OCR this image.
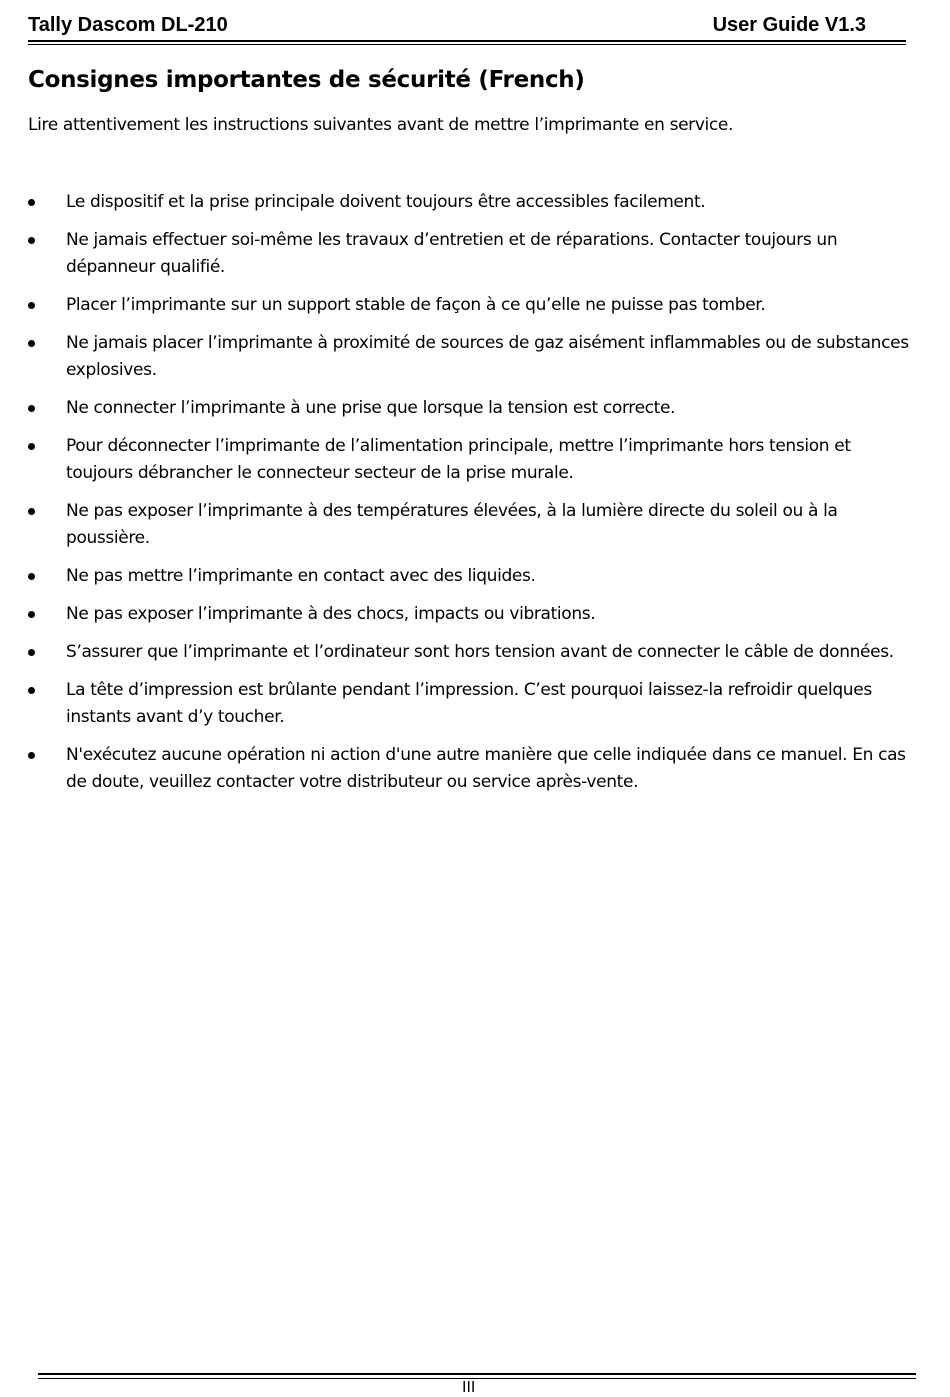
Tally Dascom DL-210	User Guide V1.3
Consignes importantes de sécurité (French)
Lire attentivement les instructions suivantes avant de mettre l’imprimante en service.
Le dispositif et la prise principale doivent toujours être accessibles facilement.
Ne jamais effectuer soi-même les travaux d’entretien et de réparations. Contacter toujours un dépanneur qualifié.
Placer l’imprimante sur un support stable de façon à ce qu’elle ne puisse pas tomber.
Ne jamais placer l’imprimante à proximité de sources de gaz aisément inflammables ou de substances explosives.
Ne connecter l’imprimante à une prise que lorsque la tension est correcte.
Pour déconnecter l’imprimante de l’alimentation principale, mettre l’imprimante hors tension et toujours débrancher le connecteur secteur de la prise murale.
Ne pas exposer l’imprimante à des températures élevées, à la lumière directe du soleil ou à la poussière.
Ne pas mettre l’imprimante en contact avec des liquides.
Ne pas exposer l’imprimante à des chocs, impacts ou vibrations.
S’assurer que l’imprimante et l’ordinateur sont hors tension avant de connecter le câble de données.
La tête d’impression est brûlante pendant l’impression. C’est pourquoi laissez-la refroidir quelques instants avant d’y toucher.
N'exécutez aucune opération ni action d'une autre manière que celle indiquée dans ce manuel. En cas de doute, veuillez contacter votre distributeur ou service après-vente.
III
